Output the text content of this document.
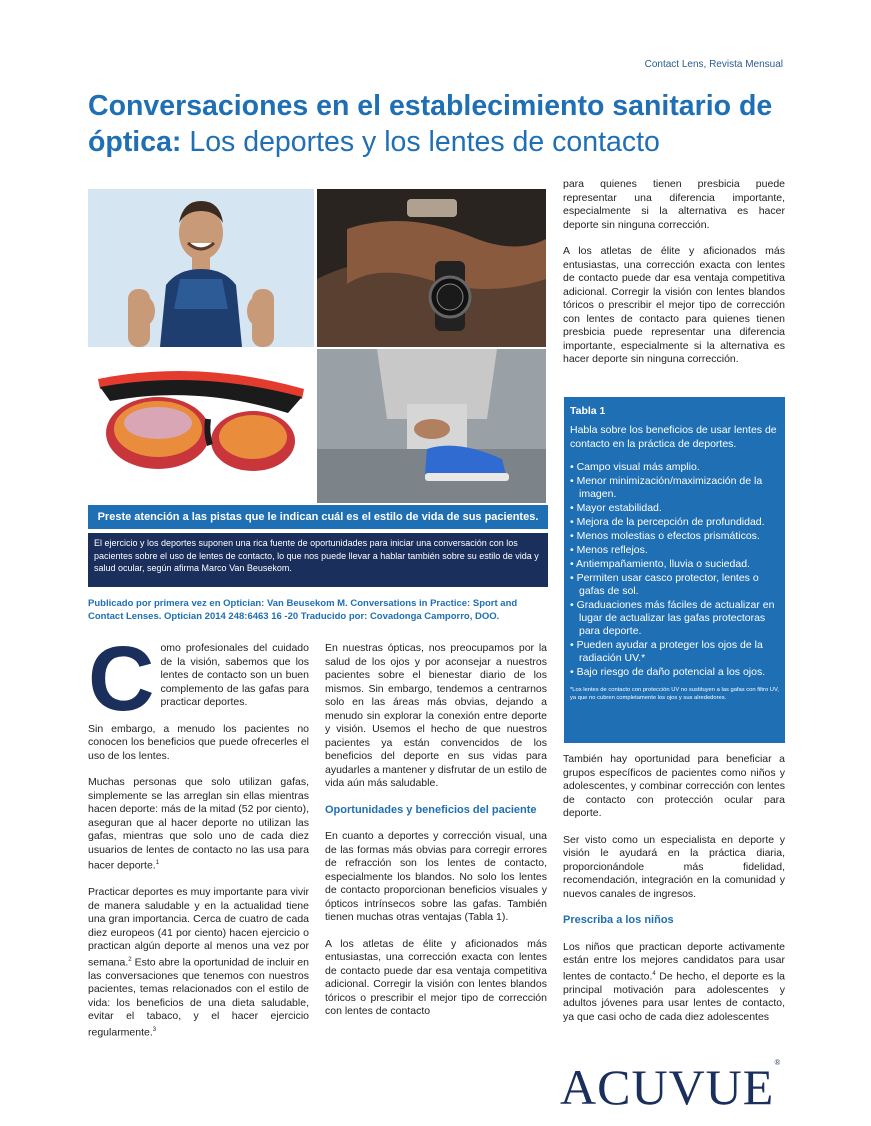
Contact Lens, Revista Mensual
Conversaciones en el establecimiento sanitario de óptica: Los deportes y los lentes de contacto
Preste atención a las pistas que le indican cuál es el estilo de vida de sus pacientes.
El ejercicio y los deportes suponen una rica fuente de oportunidades para iniciar una conversación con los pacientes sobre el uso de lentes de contacto, lo que nos puede llevar a hablar también sobre su estilo de vida y salud ocular, según afirma Marco Van Beusekom.
Publicado por primera vez en Optician: Van Beusekom M. Conversations in Practice: Sport and Contact Lenses. Optician 2014 248:6463 16 -20 Traducido por: Covadonga Camporro, DOO.

Como profesionales del cuidado de la visión, sabemos que los lentes de contacto son un buen complemento de las gafas para practicar deportes.

Sin embargo, a menudo los pacientes no conocen los beneficios que puede ofrecerles el uso de los lentes.

Muchas personas que solo utilizan gafas, simplemente se las arreglan sin ellas mientras hacen deporte: más de la mitad (52 por ciento), aseguran que al hacer deporte no utilizan las gafas, mientras que solo uno de cada diez usuarios de lentes de contacto no las usa para hacer deporte.$^1$

Practicar deportes es muy importante para vivir de manera saludable y en la actualidad tiene una gran importancia. Cerca de cuatro de cada diez europeos (41 por ciento) hacen ejercicio o practican algún deporte al menos una vez por semana.$^2$ Esto abre la oportunidad de incluir en las conversaciones que tenemos con nuestros pacientes, temas relacionados con el estilo de vida: los beneficios de una dieta saludable, evitar el tabaco, y el hacer ejercicio regularmente.$^3$

En nuestras ópticas, nos preocupamos por la salud de los ojos y por aconsejar a nuestros pacientes sobre el bienestar diario de los mismos. Sin embargo, tendemos a centrarnos solo en las áreas más obvias, dejando a menudo sin explorar la conexión entre deporte y visión. Usemos el hecho de que nuestros pacientes ya están convencidos de los beneficios del deporte en sus vidas para ayudarles a mantener y disfrutar de un estilo de vida aún más saludable.

Oportunidades y beneficios del paciente

En cuanto a deportes y corrección visual, una de las formas más obvias para corregir errores de refracción son los lentes de contacto, especialmente los blandos. No solo los lentes de contacto proporcionan beneficios visuales y ópticos intrínsecos sobre las gafas. También tienen muchas otras ventajas (Tabla 1).

A los atletas de élite y aficionados más entusiastas, una corrección exacta con lentes de contacto puede dar esa ventaja competitiva adicional. Corregir la visión con lentes blandos tóricos o prescribir el mejor tipo de corrección con lentes de contacto

para quienes tienen presbicia puede representar una diferencia importante, especialmente si la alternativa es hacer deporte sin ninguna corrección.

A los atletas de élite y aficionados más entusiastas, una corrección exacta con lentes de contacto puede dar esa ventaja competitiva adicional. Corregir la visión con lentes blandos tóricos o prescribir el mejor tipo de corrección con lentes de contacto para quienes tienen presbicia puede representar una diferencia importante, especialmente si la alternativa es hacer deporte sin ninguna corrección.

Tabla 1
Habla sobre los beneficios de usar lentes de contacto en la práctica de deportes.
• Campo visual más amplio.
• Menor minimización/maximización de la imagen.
• Mayor estabilidad.
• Mejora de la percepción de profundidad.
• Menos molestias o efectos prismáticos.
• Menos reflejos.
• Antiempañamiento, lluvia o suciedad.
• Permiten usar casco protector, lentes o gafas de sol.
• Graduaciones más fáciles de actualizar en lugar de actualizar las gafas protectoras para deporte.
• Pueden ayudar a proteger los ojos de la radiación UV.*
• Bajo riesgo de daño potencial a los ojos.
*Los lentes de contacto con protección UV no sustituyen a las gafas con filtro UV, ya que no cubren completamente los ojos y sus alrededores.

También hay oportunidad para beneficiar a grupos específicos de pacientes como niños y adolescentes, y combinar corrección con lentes de contacto con protección ocular para deporte.

Ser visto como un especialista en deporte y visión le ayudará en la práctica diaria, proporcionándole más fidelidad, recomendación, integración en la comunidad y nuevos canales de ingresos.

Prescriba a los niños

Los niños que practican deporte activamente están entre los mejores candidatos para usar lentes de contacto.$^4$ De hecho, el deporte es la principal motivación para adolescentes y adultos jóvenes para usar lentes de contacto, ya que casi ocho de cada diez adolescentes

ACUVUE®
